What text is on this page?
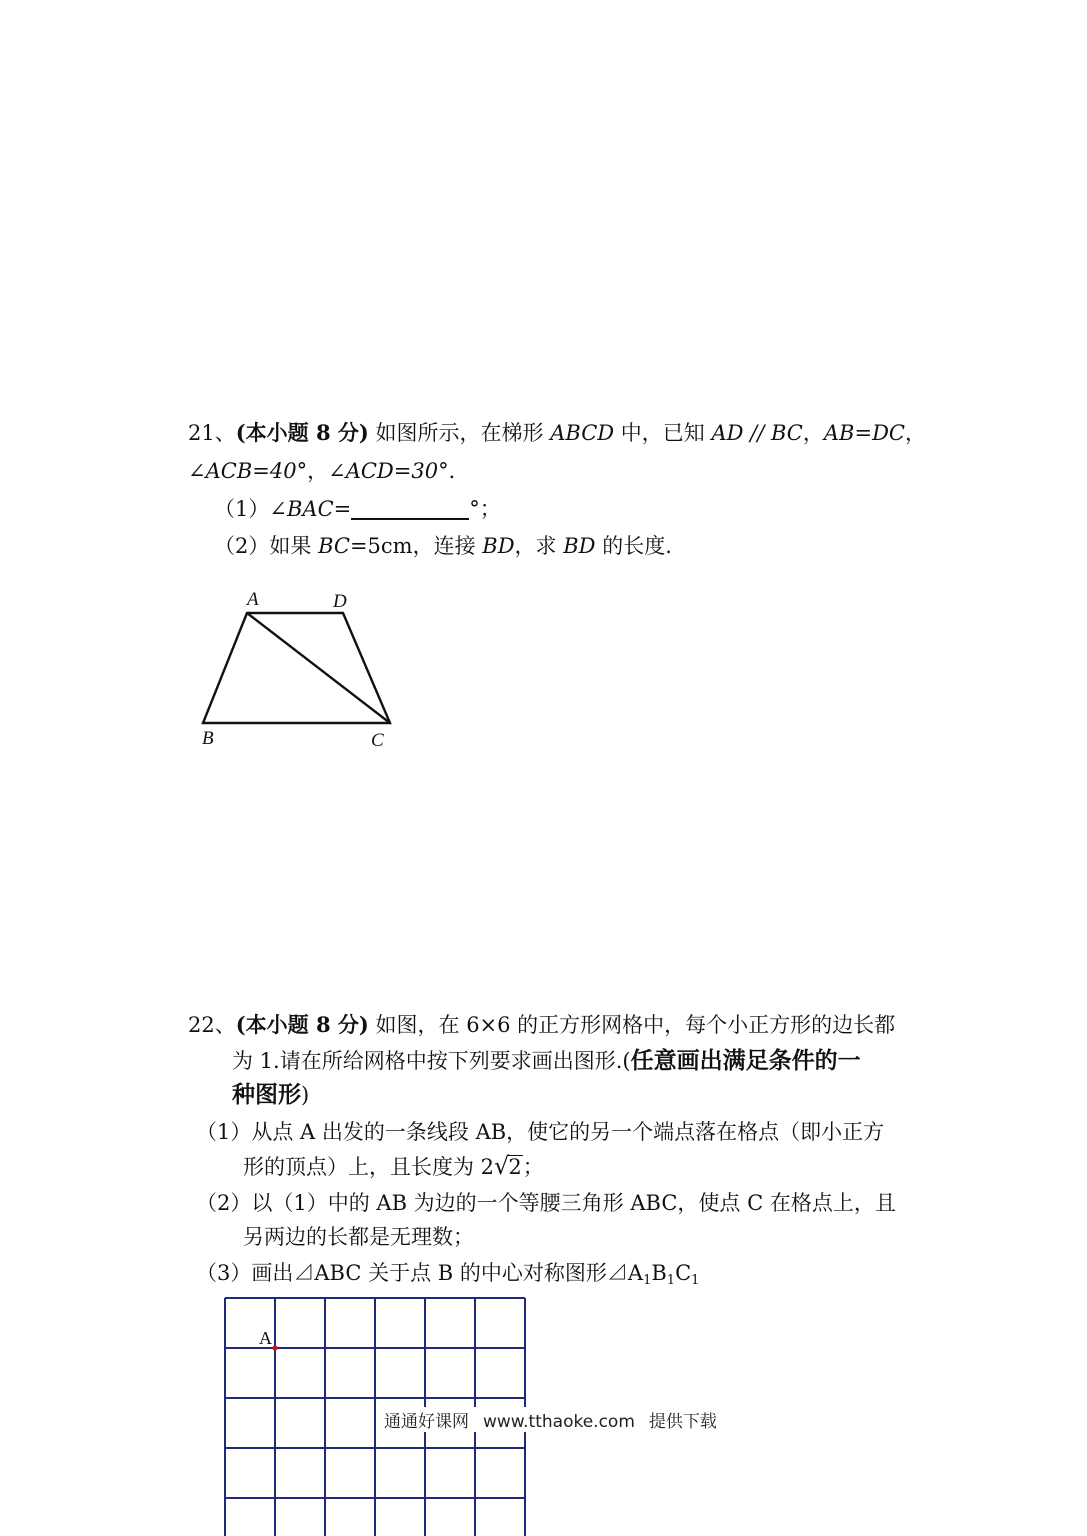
21、(本小题 8 分) 如图所示，在梯形 ABCD 中，已知 AD // BC，AB=DC，
∠ACB=40°，∠ACD=30°．
（1）∠BAC=	°；
（2）如果 BC=5cm，连接 BD，求 BD 的长度.
A	D
B	C
22、(本小题 8 分) 如图，在 6×6 的正方形网格中，每个小正方形的边长都
为 1.请在所给网格中按下列要求画出图形.(任意画出满足条件的一
种图形)
（1）从点 A 出发的一条线段 AB，使它的另一个端点落在格点（即小正方
形的顶点）上，且长度为 2√2；
（2）以（1）中的 AB 为边的一个等腰三角形 ABC，使点 C 在格点上，且
另两边的长都是无理数；
（3）画出⊿ABC 关于点 B 的中心对称图形$⊿A_1B_1C_1$
A
通通好课网 www.tthaoke.com 提供下载
